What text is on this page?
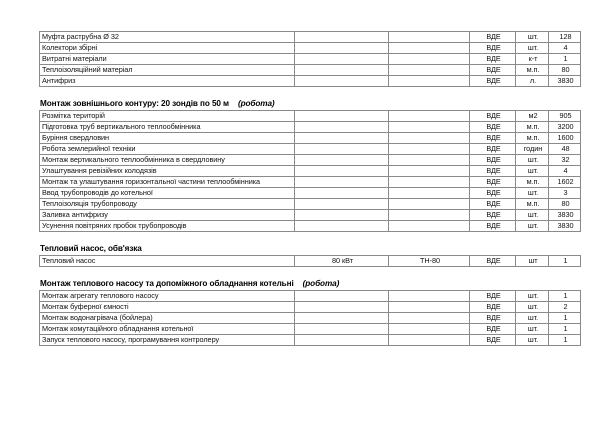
Муфта раструбна Ø 32			ВДЕ	шт.	128
Колектори збірні			ВДЕ	шт.	4
Витратні матеріали			ВДЕ	к-т	1
Теплоізоляційний матеріал			ВДЕ	м.п.	80
Антифриз			ВДЕ	л.	3830
Монтаж зовнішнього контуру: 20 зондів по 50 м (робота)
Розмітка територій			ВДЕ	м2	905
Підготовка труб вертикального теплообмінника			ВДЕ	м.п.	3200
Буріння свердловин			ВДЕ	м.п.	1600
Робота землерийної техніки			ВДЕ	годин	48
Монтаж вертикального теплообмінника в свердловину			ВДЕ	шт.	32
Улаштування ревізійних колодязів			ВДЕ	шт.	4
Монтаж та улаштування горизонтальної частини теплообмінника			ВДЕ	м.п.	1602
Ввод трубопроводів до котельної			ВДЕ	шт.	3
Теплоізоляція трубопроводу			ВДЕ	м.п.	80
Заливка антифризу			ВДЕ	шт.	3830
Усунення повітряних пробок трубопроводів			ВДЕ	шт.	3830
Тепловий насос, обв'язка
Тепловий насос	80 кВт	ТН-80	ВДЕ	шт	1
Монтаж теплового насосу та допоміжного обладнання котельні (робота)
Монтаж агрегату теплового насосу			ВДЕ	шт.	1
Монтаж буферної ємності			ВДЕ	шт.	2
Монтаж водонагрівача (бойлера)			ВДЕ	шт.	1
Монтаж комутаційного обладнання котельної			ВДЕ	шт.	1
Запуск теплового насосу, програмування контролеру			ВДЕ	шт.	1
